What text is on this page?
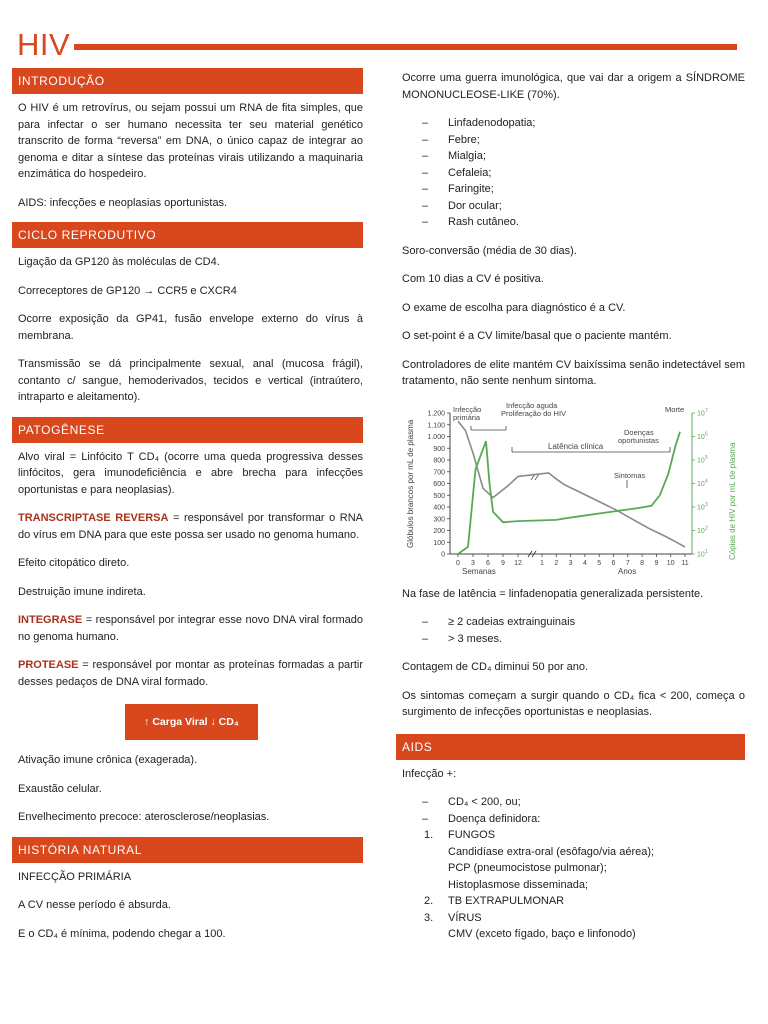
HIV
INTRODUÇÃO

O HIV é um retrovírus, ou sejam possui um RNA de fita simples, que para infectar o ser humano necessita ter seu material genético transcrito de forma “reversa” em DNA, o único capaz de integrar ao genoma e ditar a síntese das proteínas virais utilizando a maquinaria enzimática do hospedeiro.

AIDS: infecções e neoplasias oportunistas.

CICLO REPRODUTIVO

Ligação da GP120 às moléculas de CD4.

Correceptores de GP120 → CCR5 e CXCR4

Ocorre exposição da GP41, fusão envelope externo do vírus à membrana.

Transmissão se dá principalmente sexual, anal (mucosa frágil), contanto c/ sangue, hemoderivados, tecidos e vertical (intraútero, intraparto e aleitamento).

PATOGÊNESE

Alvo viral = Linfócito T CD₄ (ocorre uma queda progressiva desses linfócitos, gera imunodeficiência e abre brecha para infecções oportunistas e para neoplasias).

TRANSCRIPTASE REVERSA = responsável por transformar o RNA do vírus em DNA para que este possa ser usado no genoma humano.

Efeito citopático direto.

Destruição imune indireta.

INTEGRASE = responsável por integrar esse novo DNA viral formado no genoma humano.

PROTEASE = responsável por montar as proteínas formadas a partir desses pedaços de DNA viral formado.

↑ Carga Viral ↓ CD₄

Ativação imune crônica (exagerada).

Exaustão celular.

Envelhecimento precoce: aterosclerose/neoplasias.

HISTÓRIA NATURAL

INFECÇÃO PRIMÁRIA

A CV nesse período é absurda.

E o CD₄ é mínima, podendo chegar a 100.

Ocorre uma guerra imunológica, que vai dar a origem a SÍNDROME MONONUCLEOSE-LIKE (70%).

– Linfadenodopatia;
– Febre;
– Mialgia;
– Cefaleia;
– Faringite;
– Dor ocular;
– Rash cutâneo.

Soro-conversão (média de 30 dias).

Com 10 dias a CV é positiva.

O exame de escolha para diagnóstico é a CV.

O set-point é a CV limite/basal que o paciente mantém.

Controladores de elite mantém CV baixíssima senão indetectável sem tratamento, não sente nenhum sintoma.

0
100
200
300
400
500
600
700
800
900
1.000
1.100
1.200
10 1
10 2
10 3
10 4
10 5
10 6
10 7
0 3 6 9 12	1 2 3 4 5 6 7 8 9 10 11
Glóbulos brancos por mL de plasma	Cópias de HIV por mL de plasma
Semanas	Anos
Infecção
primária
Infecção aguda
Proliferação do HIV
Latência clínica
Doenças
oportunistas
Sintomas
Morte

Na fase de latência = linfadenopatia generalizada persistente.

– ≥ 2 cadeias extrainguinais
– > 3 meses.

Contagem de CD₄ diminui 50 por ano.

Os sintomas começam a surgir quando o CD₄ fica < 200, começa o surgimento de infecções oportunistas e neoplasias.

AIDS

Infecção +:

– CD₄ < 200, ou;
– Doença definidora:
1. FUNGOS
Candidíase extra-oral (esôfago/via aérea);
PCP (pneumocistose pulmonar);
Histoplasmose disseminada;
2. TB EXTRAPULMONAR
3. VÍRUS
CMV (exceto fígado, baço e linfonodo)
